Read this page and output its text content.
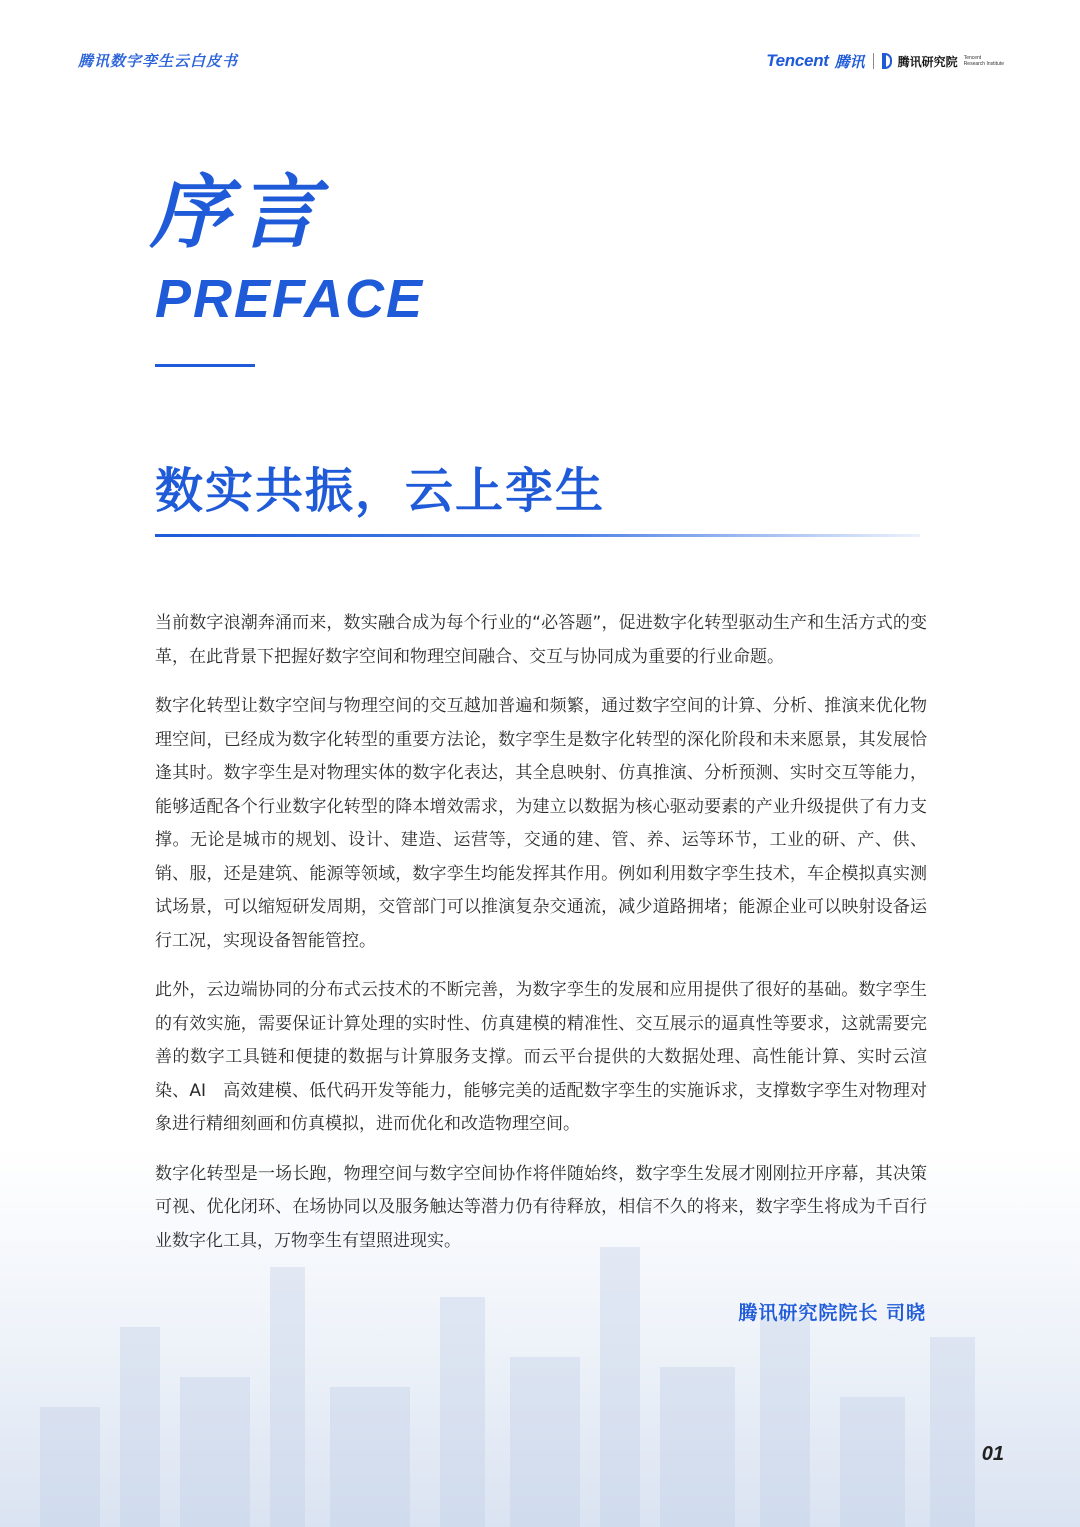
腾讯数字孪生云白皮书	Tencent 腾讯	腾讯研究院 Tencent
Research Institute
序言
PREFACE
数实共振，云上孪生

当前数字浪潮奔涌而来，数实融合成为每个行业的“必答题”，促进数字化转型驱动生产和生活方式的变革，在此背景下把握好数字空间和物理空间融合、交互与协同成为重要的行业命题。

数字化转型让数字空间与物理空间的交互越加普遍和频繁，通过数字空间的计算、分析、推演来优化物理空间，已经成为数字化转型的重要方法论，数字孪生是数字化转型的深化阶段和未来愿景，其发展恰逢其时。数字孪生是对物理实体的数字化表达，其全息映射、仿真推演、分析预测、实时交互等能力，能够适配各个行业数字化转型的降本增效需求，为建立以数据为核心驱动要素的产业升级提供了有力支撑。无论是城市的规划、设计、建造、运营等，交通的建、管、养、运等环节，工业的研、产、供、销、服，还是建筑、能源等领域，数字孪生均能发挥其作用。例如利用数字孪生技术，车企模拟真实测试场景，可以缩短研发周期，交管部门可以推演复杂交通流，减少道路拥堵；能源企业可以映射设备运行工况，实现设备智能管控。

此外，云边端协同的分布式云技术的不断完善，为数字孪生的发展和应用提供了很好的基础。数字孪生的有效实施，需要保证计算处理的实时性、仿真建模的精准性、交互展示的逼真性等要求，这就需要完善的数字工具链和便捷的数据与计算服务支撑。而云平台提供的大数据处理、高性能计算、实时云渲染、AI　高效建模、低代码开发等能力，能够完美的适配数字孪生的实施诉求，支撑数字孪生对物理对象进行精细刻画和仿真模拟，进而优化和改造物理空间。

数字化转型是一场长跑，物理空间与数字空间协作将伴随始终，数字孪生发展才刚刚拉开序幕，其决策可视、优化闭环、在场协同以及服务触达等潜力仍有待释放，相信不久的将来，数字孪生将成为千百行业数字化工具，万物孪生有望照进现实。

腾讯研究院院长 司晓
01
